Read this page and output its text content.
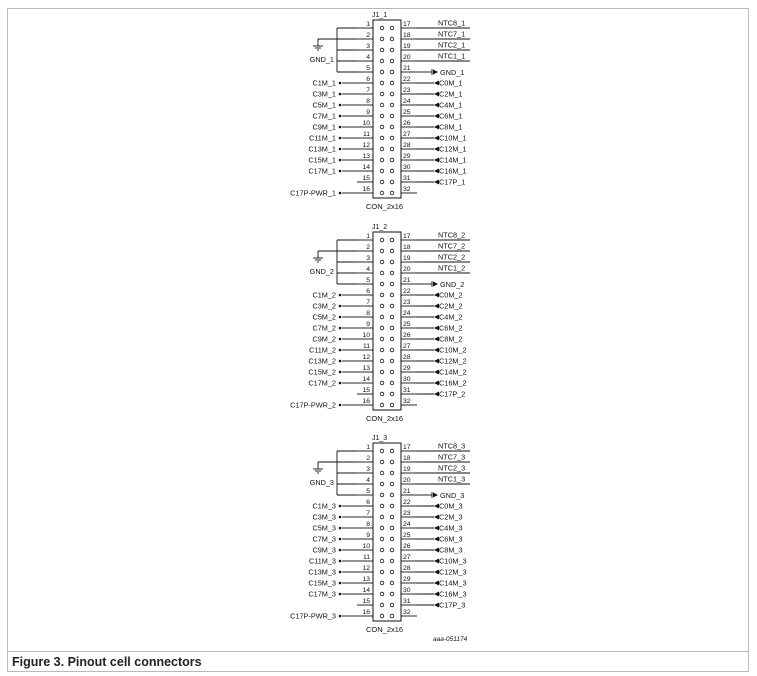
J1_1
CON_2x16
1	17
2	18
3	19
4	20
5	21
6	22
7	23
8	24
9	25
10	26
11	27
12	28
13	29
14	30
15	31
16	32
GND_1
C1M_1
C3M_1
C5M_1
C7M_1
C9M_1
C11M_1
C13M_1
C15M_1
C17M_1
C17P-PWR_1
NTC8_1
NTC7_1
NTC2_1
NTC1_1
GND_1
C0M_1
C2M_1
C4M_1
C6M_1
C8M_1
C10M_1
C12M_1
C14M_1
C16M_1
C17P_1
J1_2
CON_2x16
1	17
2	18
3	19
4	20
5	21
6	22
7	23
8	24
9	25
10	26
11	27
12	28
13	29
14	30
15	31
16	32
GND_2
C1M_2
C3M_2
C5M_2
C7M_2
C9M_2
C11M_2
C13M_2
C15M_2
C17M_2
C17P-PWR_2
NTC8_2
NTC7_2
NTC2_2
NTC1_2
GND_2
C0M_2
C2M_2
C4M_2
C6M_2
C8M_2
C10M_2
C12M_2
C14M_2
C16M_2
C17P_2
J1_3
CON_2x16
1	17
2	18
3	19
4	20
5	21
6	22
7	23
8	24
9	25
10	26
11	27
12	28
13	29
14	30
15	31
16	32
GND_3
C1M_3
C3M_3
C5M_3
C7M_3
C9M_3
C11M_3
C13M_3
C15M_3
C17M_3
C17P-PWR_3
NTC8_3
NTC7_3
NTC2_3
NTC1_3
GND_3
C0M_3
C2M_3
C4M_3
C6M_3
C8M_3
C10M_3
C12M_3
C14M_3
C16M_3
C17P_3
aaa-051174
Figure 3. Pinout cell connectors
